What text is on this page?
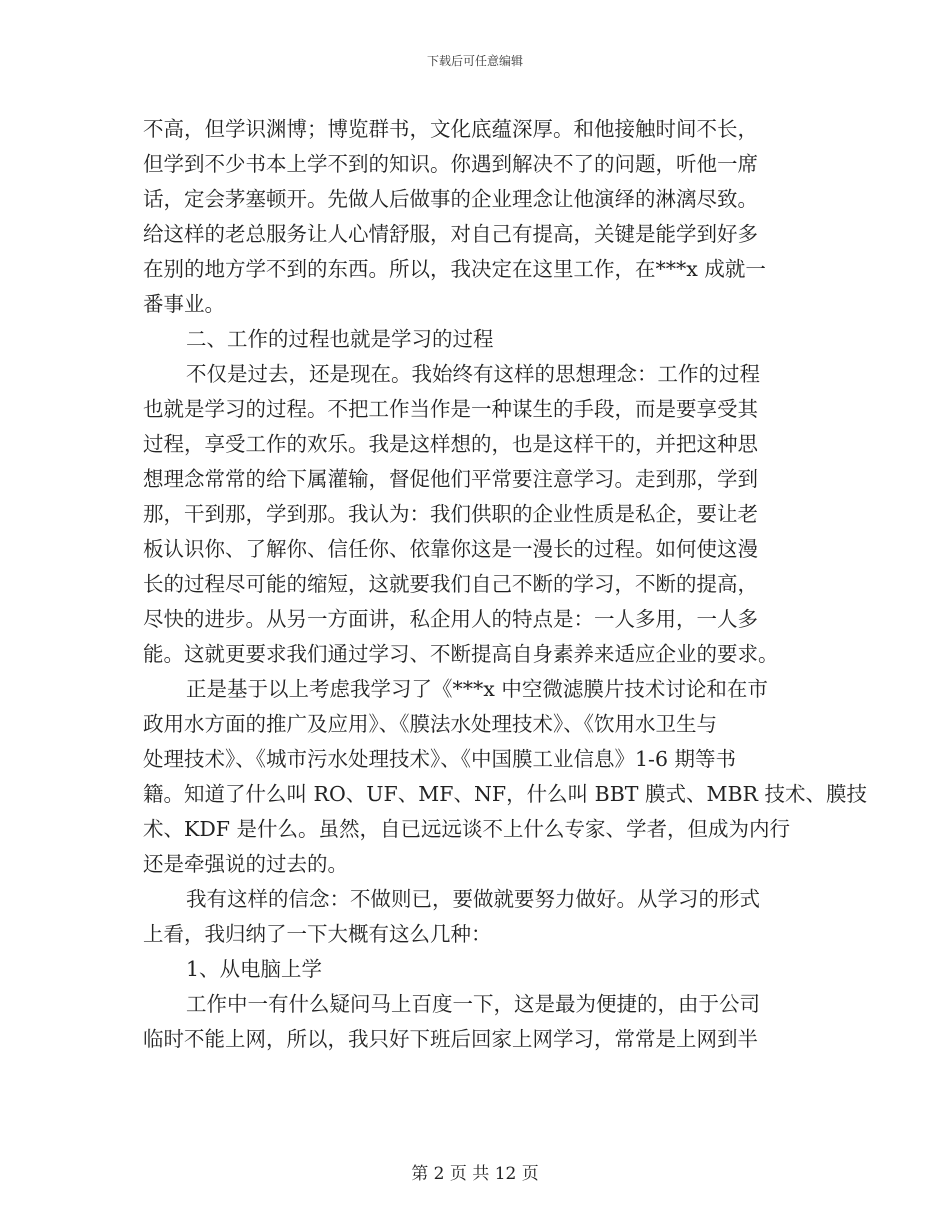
下载后可任意编辑
不高，但学识渊博；博览群书，文化底蕴深厚。和他接触时间不长，
但学到不少书本上学不到的知识。你遇到解决不了的问题，听他一席
话，定会茅塞顿开。先做人后做事的企业理念让他演绎的淋漓尽致。
给这样的老总服务让人心情舒服，对自己有提高，关键是能学到好多
在别的地方学不到的东西。所以，我决定在这里工作，在***x 成就一
番事业。
二、工作的过程也就是学习的过程
不仅是过去，还是现在。我始终有这样的思想理念：工作的过程
也就是学习的过程。不把工作当作是一种谋生的手段，而是要享受其
过程，享受工作的欢乐。我是这样想的，也是这样干的，并把这种思
想理念常常的给下属灌输，督促他们平常要注意学习。走到那，学到
那，干到那，学到那。我认为：我们供职的企业性质是私企，要让老
板认识你、了解你、信任你、依靠你这是一漫长的过程。如何使这漫
长的过程尽可能的缩短，这就要我们自己不断的学习，不断的提高，
尽快的进步。从另一方面讲，私企用人的特点是：一人多用，一人多
能。这就更要求我们通过学习、不断提高自身素养来适应企业的要求。
正是基于以上考虑我学习了《***x 中空微滤膜片技术讨论和在市
政用水方面的推广及应用》、《膜法水处理技术》、《饮用水卫生与
处理技术》、《城市污水处理技术》、《中国膜工业信息》1-6 期等书
籍。知道了什么叫 RO、UF、MF、NF，什么叫 BBT 膜式、MBR 技术、膜技
术、KDF 是什么。虽然，自已远远谈不上什么专家、学者，但成为内行
还是牵强说的过去的。
我有这样的信念：不做则已，要做就要努力做好。从学习的形式
上看，我归纳了一下大概有这么几种：
1、从电脑上学
工作中一有什么疑问马上百度一下，这是最为便捷的，由于公司
临时不能上网，所以，我只好下班后回家上网学习，常常是上网到半
第 2 页 共 12 页
